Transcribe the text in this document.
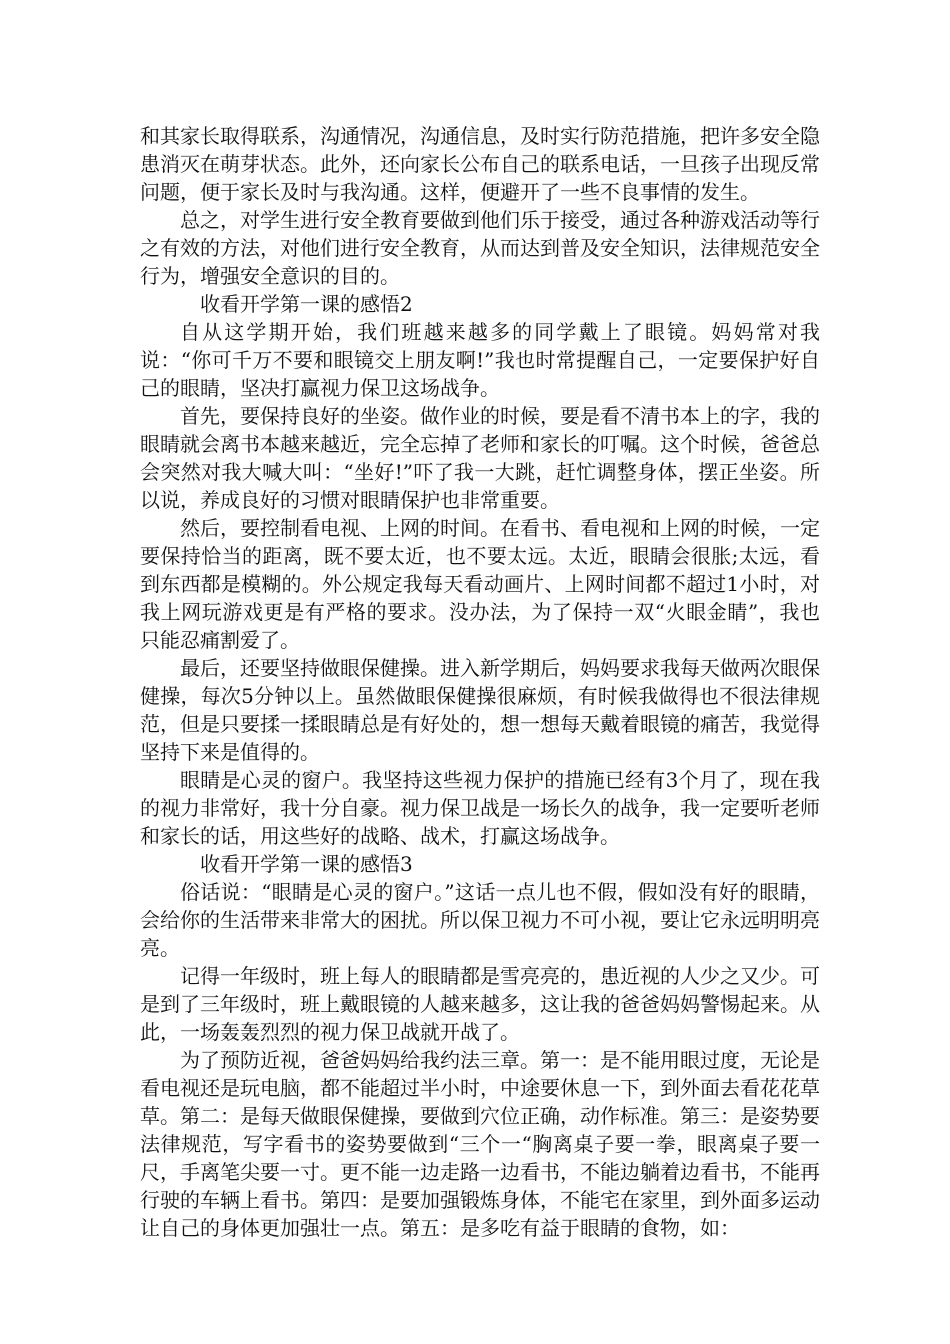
和其家长取得联系，沟通情况，沟通信息，及时实行防范措施，把许多安全隐患消灭在萌芽状态。此外，还向家长公布自己的联系电话，一旦孩子出现反常问题，便于家长及时与我沟通。这样，便避开了一些不良事情的发生。

总之，对学生进行安全教育要做到他们乐于接受，通过各种游戏活动等行之有效的方法，对他们进行安全教育，从而达到普及安全知识，法律规范安全行为，增强安全意识的目的。

收看开学第一课的感悟2

自从这学期开始，我们班越来越多的同学戴上了眼镜。妈妈常对我说：“你可千万不要和眼镜交上朋友啊!”我也时常提醒自己，一定要保护好自己的眼睛，坚决打赢视力保卫这场战争。

首先，要保持良好的坐姿。做作业的时候，要是看不清书本上的字，我的眼睛就会离书本越来越近，完全忘掉了老师和家长的叮嘱。这个时候，爸爸总会突然对我大喊大叫：“坐好!”吓了我一大跳，赶忙调整身体，摆正坐姿。所以说，养成良好的习惯对眼睛保护也非常重要。

然后，要控制看电视、上网的时间。在看书、看电视和上网的时候，一定要保持恰当的距离，既不要太近，也不要太远。太近，眼睛会很胀;太远，看到东西都是模糊的。外公规定我每天看动画片、上网时间都不超过1小时，对我上网玩游戏更是有严格的要求。没办法，为了保持一双“火眼金睛”，我也只能忍痛割爱了。

最后，还要坚持做眼保健操。进入新学期后，妈妈要求我每天做两次眼保健操，每次5分钟以上。虽然做眼保健操很麻烦，有时候我做得也不很法律规范，但是只要揉一揉眼睛总是有好处的，想一想每天戴着眼镜的痛苦，我觉得坚持下来是值得的。

眼睛是心灵的窗户。我坚持这些视力保护的措施已经有3个月了，现在我的视力非常好，我十分自豪。视力保卫战是一场长久的战争，我一定要听老师和家长的话，用这些好的战略、战术，打赢这场战争。

收看开学第一课的感悟3

俗话说：“眼睛是心灵的窗户。”这话一点儿也不假，假如没有好的眼睛，会给你的生活带来非常大的困扰。所以保卫视力不可小视，要让它永远明明亮亮。

记得一年级时，班上每人的眼睛都是雪亮亮的，患近视的人少之又少。可是到了三年级时，班上戴眼镜的人越来越多，这让我的爸爸妈妈警惕起来。从此，一场轰轰烈烈的视力保卫战就开战了。

为了预防近视，爸爸妈妈给我约法三章。第一：是不能用眼过度，无论是看电视还是玩电脑，都不能超过半小时，中途要休息一下，到外面去看花花草草。第二：是每天做眼保健操，要做到穴位正确，动作标准。第三：是姿势要法律规范，写字看书的姿势要做到“三个一“胸离桌子要一拳，眼离桌子要一尺，手离笔尖要一寸。更不能一边走路一边看书，不能边躺着边看书，不能再行驶的车辆上看书。第四：是要加强锻炼身体，不能宅在家里，到外面多运动让自己的身体更加强壮一点。第五：是多吃有益于眼睛的食物，如：
